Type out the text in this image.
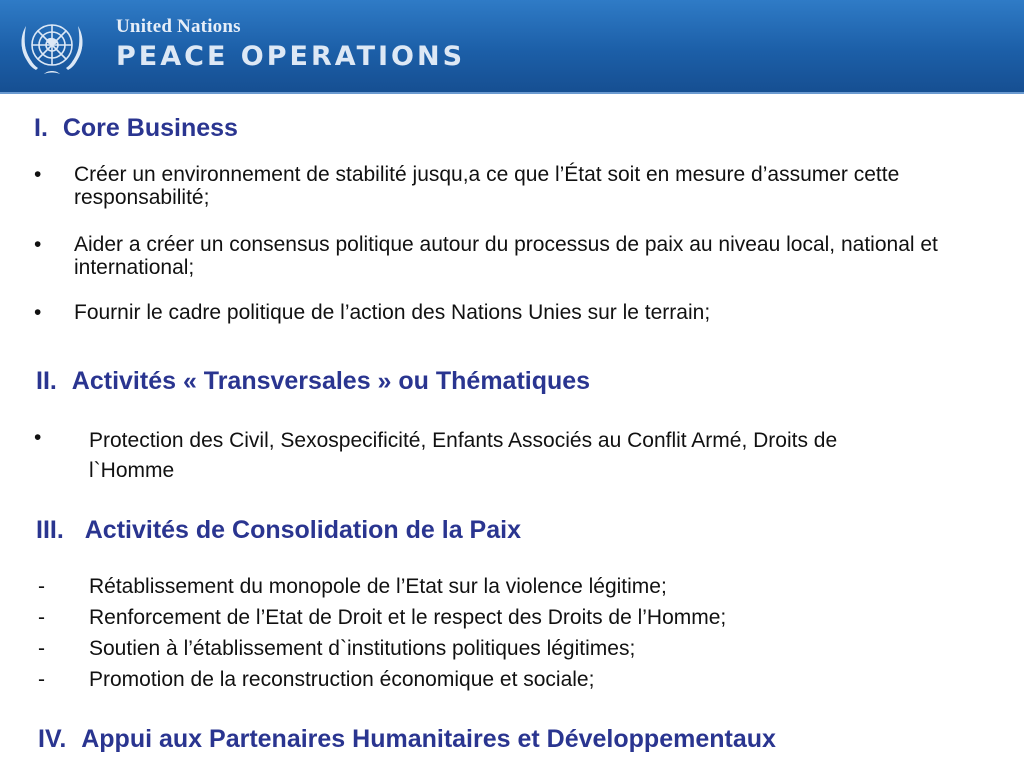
United Nations
PEACE OPERATIONS
I. Core Business
• Créer un environnement de stabilité jusqu,a ce que l’État soit en mesure d’assumer cette responsabilité;
• Aider a créer un consensus politique autour du processus de paix au niveau local, national et international;
• Fournir le cadre politique de l’action des Nations Unies sur le terrain;
II. Activités « Transversales » ou Thématiques
• Protection des Civil, Sexospecificité, Enfants Associés au Conflit Armé, Droits de l`Homme
III. Activités de Consolidation de la Paix
- Rétablissement du monopole de l’Etat sur la violence légitime;
- Renforcement de l’Etat de Droit et le respect des Droits de l’Homme;
- Soutien à l’établissement d`institutions politiques légitimes;
- Promotion de la reconstruction économique et sociale;
IV. Appui aux Partenaires Humanitaires et Développementaux
